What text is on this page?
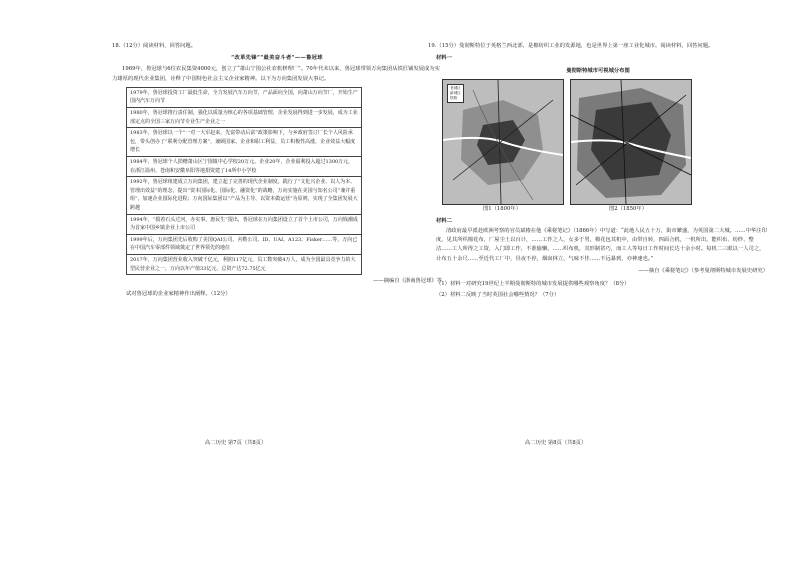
18.（12分）阅读材料，回答问题。
“改革先锋”“最美奋斗者”——鲁冠球
1969年，鲁冠球与6位农民集资4000元，创立了“萧山宁围公社农机修理厂”。70年代末以来，鲁冠球带领万向集团从铁匠铺发展成为实力雄厚的现代企业集团，诠释了中国特色社会主义企业家精神。以下为万向集团发展大事记。
1979年，鲁冠球投资工厂最低生命，全力发展汽车万向节，产品面向全国，向萧山万向节厂，开始生产国内汽车万向节
1980年，鲁冠球推行责任制，强化以质量为核心的各项基础管理，企业发展得到进一步发展，成为工业部定点的全国三家万向节专业生产企业之一
1983年，鲁冠球以一个“一对一大军赵来，先富带动后富”政策影响下，与乡政府签订厂长个人风险承包，带头创办了“联利分配管理方案”，兼顾国家、企业和职工利益，员工积极性高涨，企业效益大幅度增长
1984年，鲁冠球个人捐赠萧山区宁围镇中心学校20万元。企业20年，企业福利投入超过1300万元，在浙江温州、苍南和安徽阜阳等地捐资建了14所中小学校
1992年，鲁冠球组建成立万向集团，建立起了完善的现代企业制度，践行了“文化兴企业、以人为本、管理出效益”的理念，提出“资本国际化、国际化、融资化”的战略，万向实施在美国与知名公司“兼并重组”，加速企业国际化进程；万向国际集团以“产品为主导、以资本做运营”为原则，实现了全集团发展大跨越
1994年，“摸着石头过河，办实事，惠民生”提出，鲁冠球在万向集团设立了首个上市公司，万向钱潮成为首家中国乡镇企业上市公司
1999年后，万向集团先后收购了美国QAI公司、舍勒公司、ID、UAI、A123、Fisker……等，万向已在中国汽车零部件领域奠定了世界领先的地位
2017年，万向集团营业收入突破千亿元，利润117亿元，员工数突破4万人，成为全国最具竞争力的大型民营企业之一，万向以年产值33亿元，总资产达72.75亿元
——摘编自《浙商鲁冠球》等
试对鲁冠球的企业家精神作出阐释。（12分）
19.（15分）曼彻斯特位于英格兰西北部，是棉纺织工业的发源地，也是世界上第一座工业化城市。阅读材料，回答问题。
材料一
曼彻斯特城市可视城分布图
老城区
新城区
铁路
图1（1800年）	图2（1850年）
材料二
清政府最早派赴欧洲考察的官员斌椿在他《乘槎笔记》（1866年）中写道：“此地人民五十万，街市繁盛，为英国第二大城。……中华注印度，见其所织棉花布，厂屋尘土以百计，……工作之人，女多于男，棉花包其机中，由带自转，四面合机，一机所出，能织布、纺纱、整洁……工人所得之工资，入门即工作，不准偷懒。……织布机，其形制甚巧，而工人等每日工作时间长达十余小时。每机二三眼以一人司之，计布五十余尺……至近代工厂中，昼夜不停，烟囱林立，气味不佳……不远暴到，亦神速也。”
——摘自《乘槎笔记》（参考曼彻斯特城市发展史研究）
（1）材料一对研究19世纪上半期曼彻斯特的城市发展提供哪些观察角度？（8分）
（2）材料二反映了当时英国社会哪些情况？（7分）
高二历史 第7页（共8页）	高二历史 第8页（共8页）
